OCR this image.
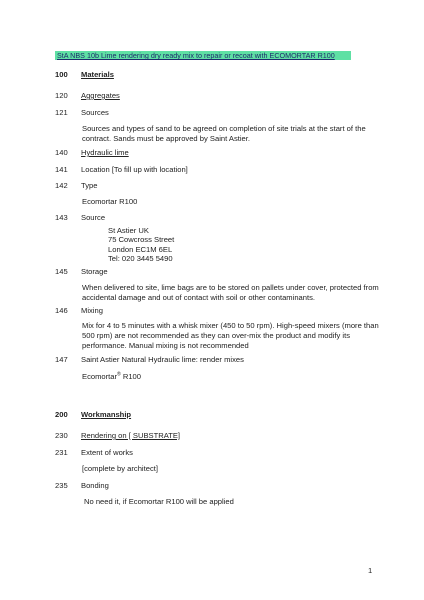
StA NBS 10b Lime rendering dry ready mix to repair or recoat with ECOMORTAR R100
100	Materials
120	Aggregates
121	Sources
Sources and types of sand to be agreed on completion of site trials at the start of the contract. Sands must be approved by Saint Astier.
140	Hydraulic lime
141	Location [To fill up with location]
142	Type
Ecomortar R100
143	Source
St Astier UK
75 Cowcross Street
London EC1M 6EL
Tel: 020 3445 5490
145	Storage
When delivered to site, lime bags are to be stored on pallets under cover, protected from accidental damage and out of contact with soil or other contaminants.
146	Mixing
Mix for 4 to 5 minutes with a whisk mixer (450 to 50 rpm). High-speed mixers (more than 500 rpm) are not recommended as they can over-mix the product and modify its performance. Manual mixing is not recommended
147	Saint Astier Natural Hydraulic lime: render mixes
Ecomortar® R100
200	Workmanship
230	Rendering on [ SUBSTRATE]
231	Extent of works
[complete by architect]
235	Bonding
No need it, if Ecomortar R100 will be applied
1
